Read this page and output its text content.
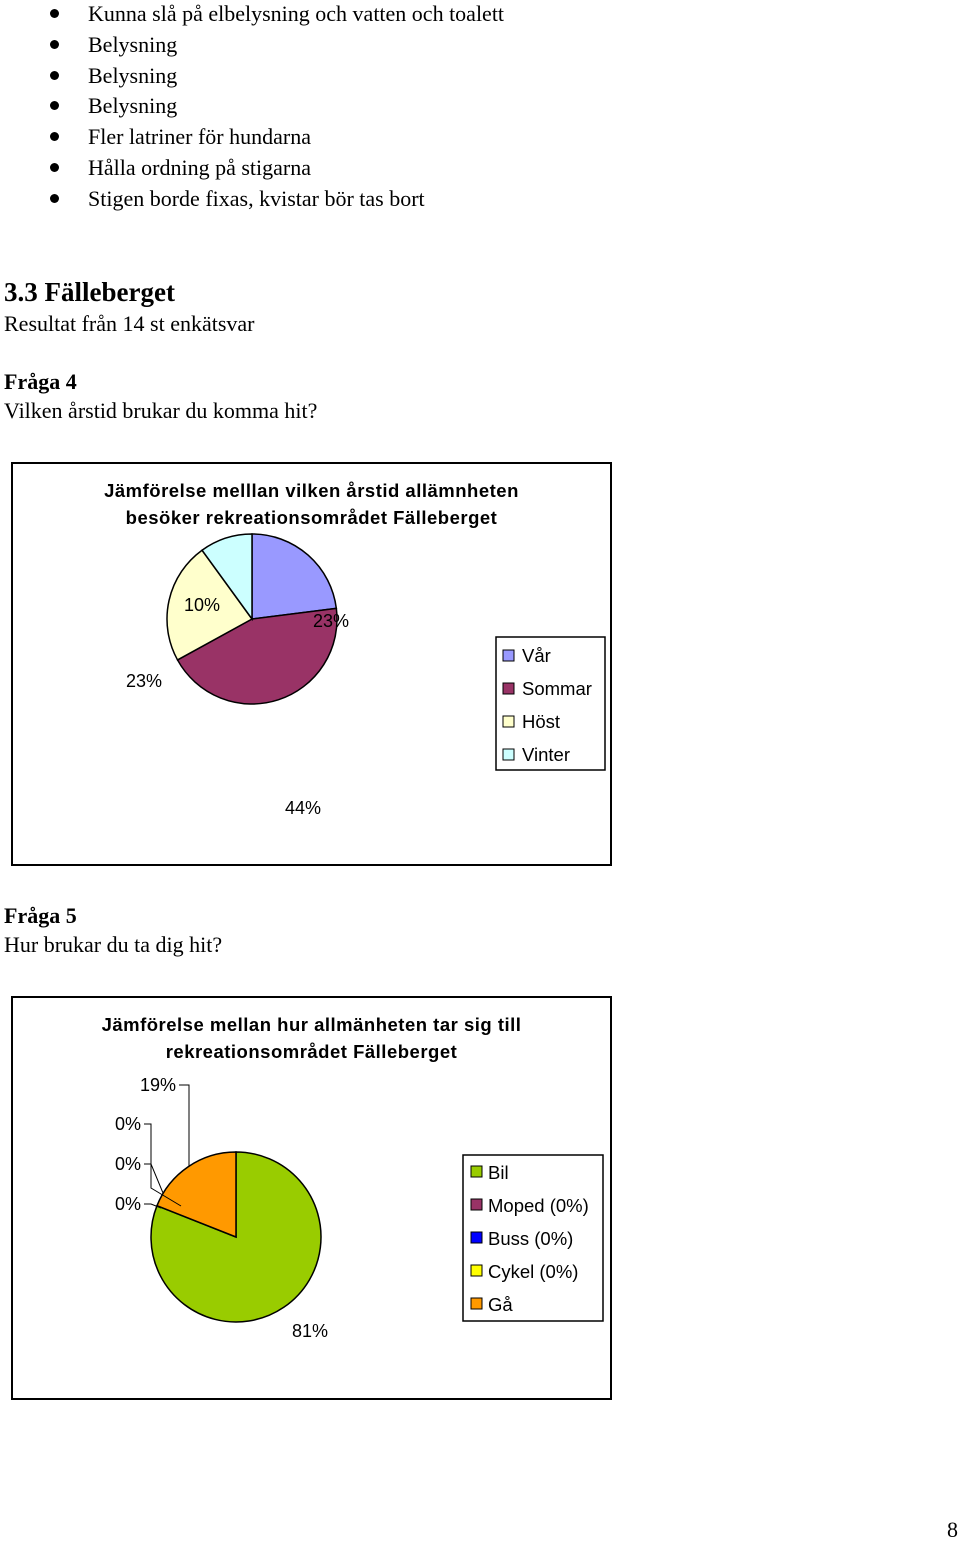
Kunna slå på elbelysning och vatten och toalett
Belysning
Belysning
Belysning
Fler latriner för hundarna
Hålla ordning på stigarna
Stigen borde fixas, kvistar bör tas bort
3.3 Fälleberget
Resultat från 14 st enkätsvar
Fråga 4
Vilken årstid brukar du komma hit?
Jämförelse melllan vilken årstid allämnheten
besöker rekreationsområdet Fälleberget
10%
23%
23%
44%
Vår
Sommar
Höst
Vinter
Fråga 5
Hur brukar du ta dig hit?
Jämförelse mellan hur allmänheten tar sig till
rekreationsområdet Fälleberget
19%
0%
0%
0%
81%
Bil
Moped (0%)
Buss (0%)
Cykel (0%)
Gå
8
